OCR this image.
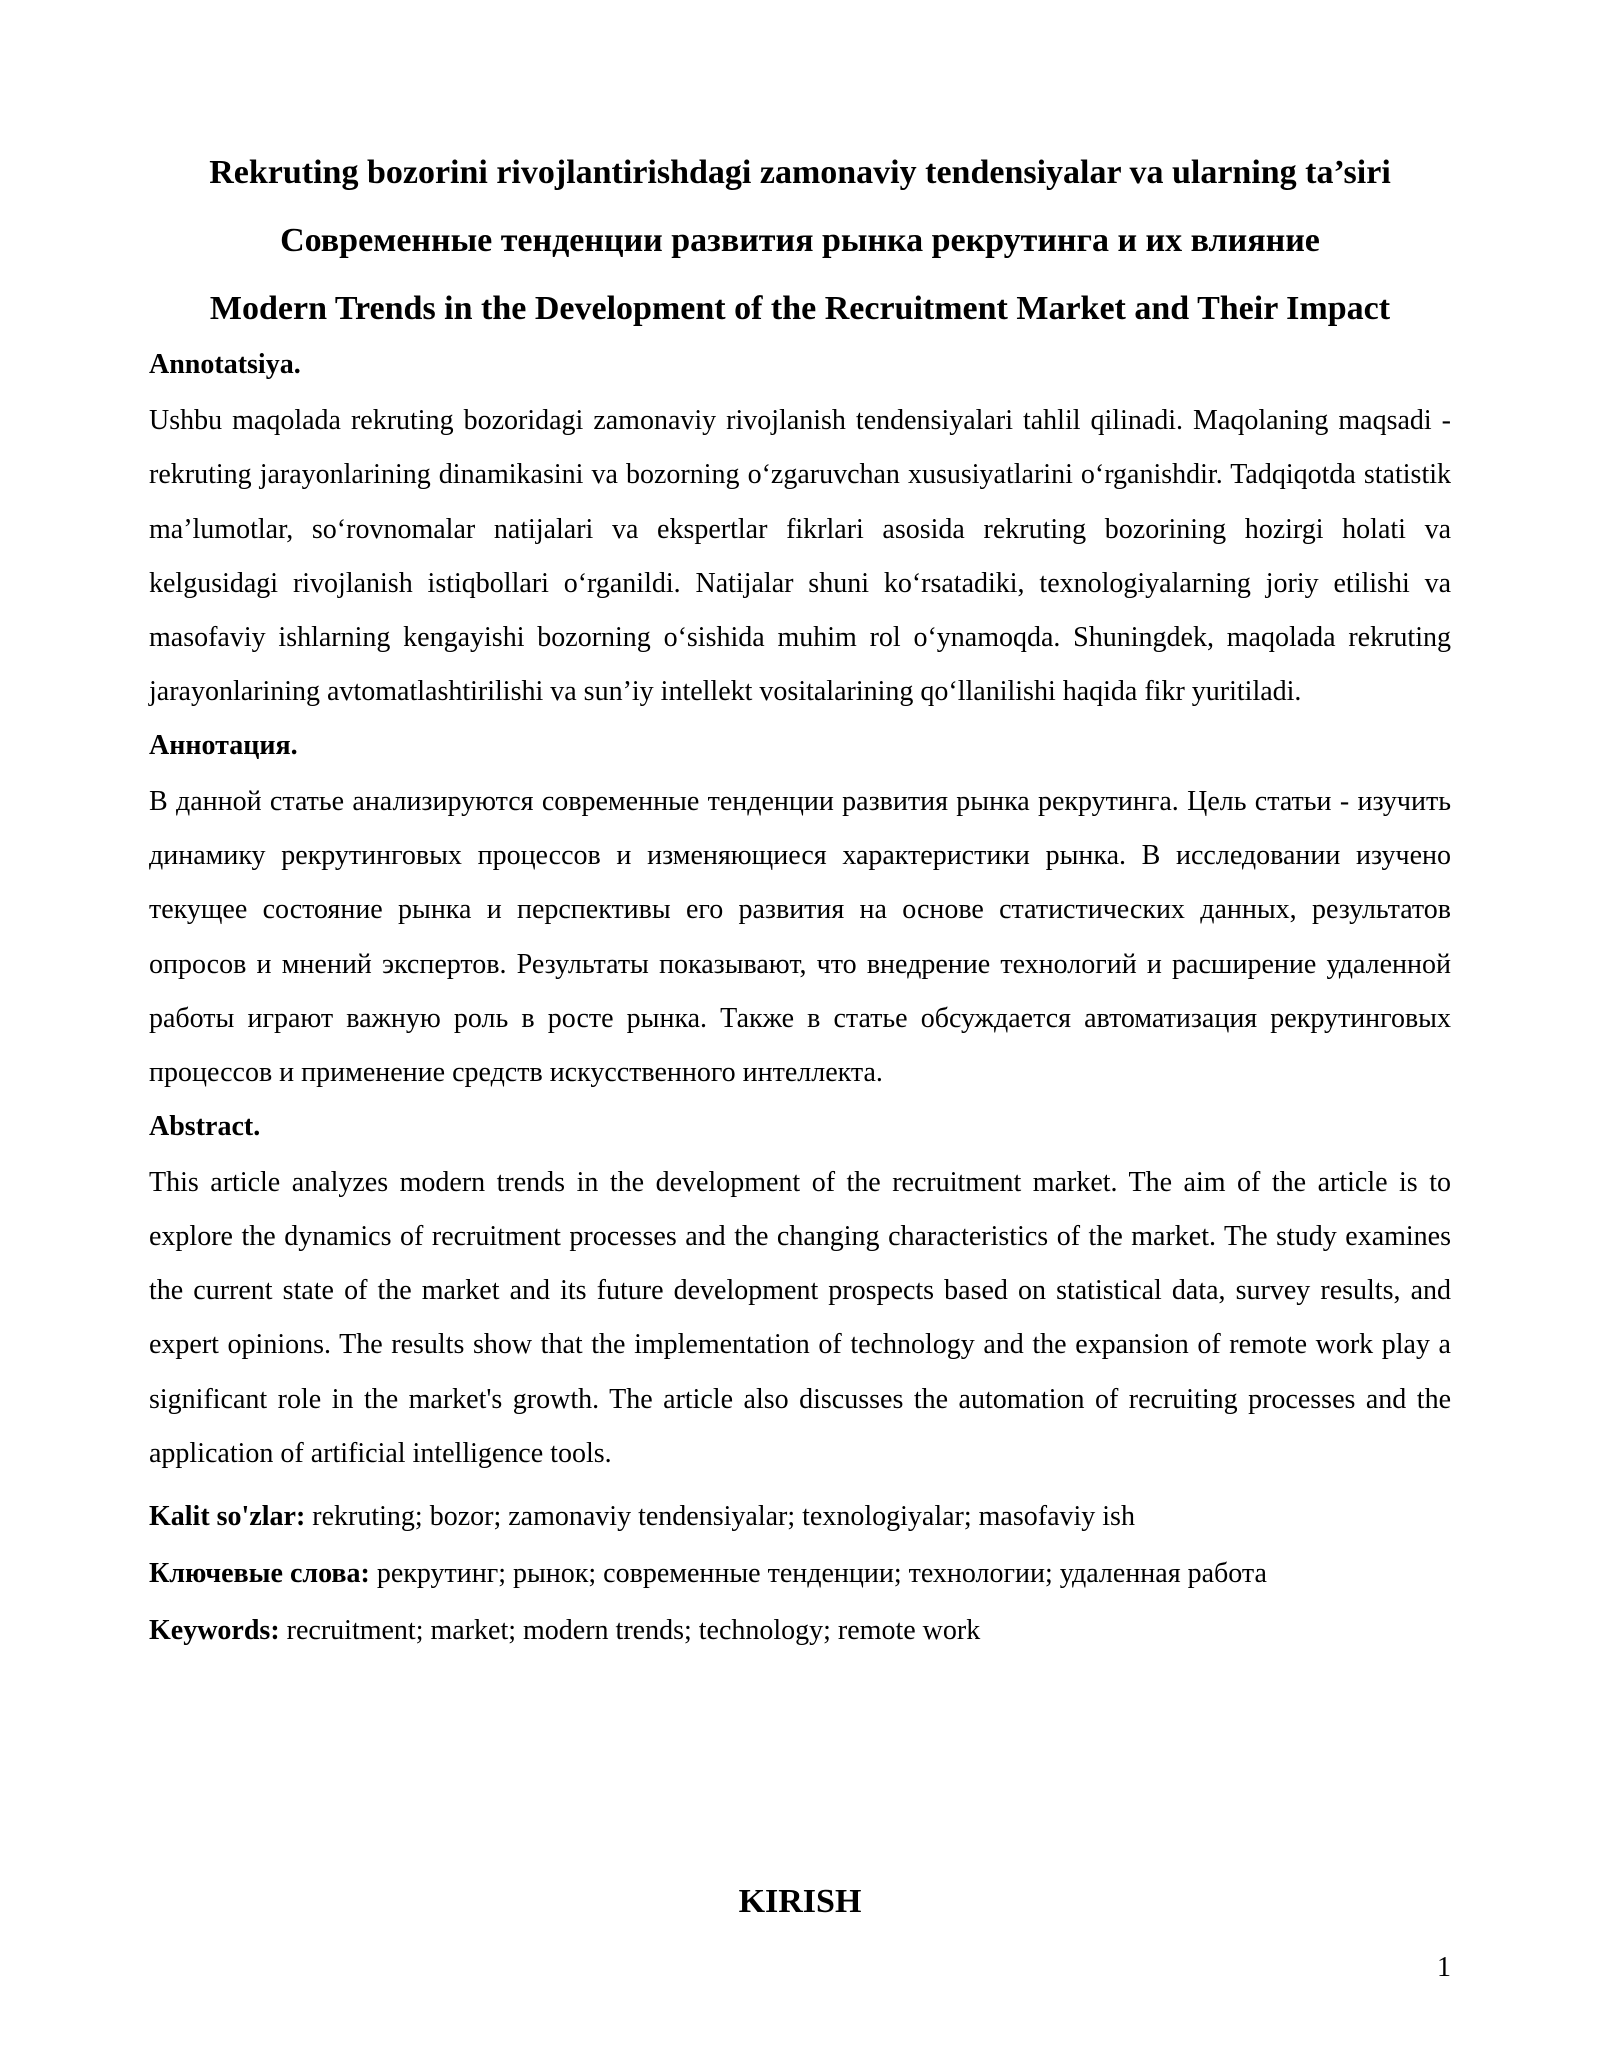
Rekruting bozorini rivojlantirishdagi zamonaviy tendensiyalar va ularning ta’siri
Современные тенденции развития рынка рекрутинга и их влияние
Modern Trends in the Development of the Recruitment Market and Their Impact
Annotatsiya.

Ushbu maqolada rekruting bozoridagi zamonaviy rivojlanish tendensiyalari tahlil qilinadi. Maqolaning maqsadi - rekruting jarayonlarining dinamikasini va bozorning oʻzgaruvchan xususiyatlarini oʻrganishdir. Tadqiqotda statistik ma’lumotlar, soʻrovnomalar natijalari va ekspertlar fikrlari asosida rekruting bozorining hozirgi holati va kelgusidagi rivojlanish istiqbollari oʻrganildi. Natijalar shuni koʻrsatadiki, texnologiyalarning joriy etilishi va masofaviy ishlarning kengayishi bozorning oʻsishida muhim rol oʻynamoqda. Shuningdek, maqolada rekruting jarayonlarining avtomatlashtirilishi va sun’iy intellekt vositalarining qoʻllanilishi haqida fikr yuritiladi.

Аннотация.

В данной статье анализируются современные тенденции развития рынка рекрутинга. Цель статьи - изучить динамику рекрутинговых процессов и изменяющиеся характеристики рынка. В исследовании изучено текущее состояние рынка и перспективы его развития на основе статистических данных, результатов опросов и мнений экспертов. Результаты показывают, что внедрение технологий и расширение удаленной работы играют важную роль в росте рынка. Также в статье обсуждается автоматизация рекрутинговых процессов и применение средств искусственного интеллекта.

Abstract.

This article analyzes modern trends in the development of the recruitment market. The aim of the article is to explore the dynamics of recruitment processes and the changing characteristics of the market. The study examines the current state of the market and its future development prospects based on statistical data, survey results, and expert opinions. The results show that the implementation of technology and the expansion of remote work play a significant role in the market's growth. The article also discusses the automation of recruiting processes and the application of artificial intelligence tools.

Kalit so'zlar: rekruting; bozor; zamonaviy tendensiyalar; texnologiyalar; masofaviy ish

Ключевые слова: рекрутинг; рынок; современные тенденции; технологии; удаленная работа

Keywords: recruitment; market; modern trends; technology; remote work

KIRISH
1
